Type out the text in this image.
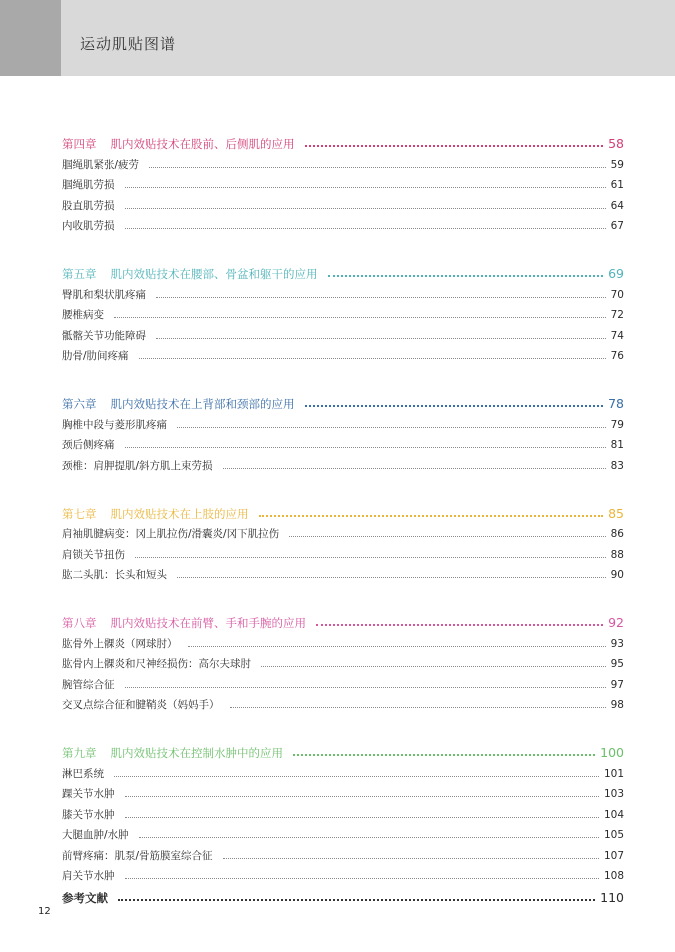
运动肌贴图谱
第四章 肌内效贴技术在股前、后侧肌的应用	58
腘绳肌紧张/疲劳	59
腘绳肌劳损	61
股直肌劳损	64
内收肌劳损	67
第五章 肌内效贴技术在腰部、骨盆和躯干的应用	69
臀肌和梨状肌疼痛	70
腰椎病变	72
骶髂关节功能障碍	74
肋骨/肋间疼痛	76
第六章 肌内效贴技术在上背部和颈部的应用	78
胸椎中段与菱形肌疼痛	79
颈后侧疼痛	81
颈椎：肩胛提肌/斜方肌上束劳损	83
第七章 肌内效贴技术在上肢的应用	85
肩袖肌腱病变：冈上肌拉伤/滑囊炎/冈下肌拉伤	86
肩锁关节扭伤	88
肱二头肌：长头和短头	90
第八章 肌内效贴技术在前臂、手和手腕的应用	92
肱骨外上髁炎（网球肘）	93
肱骨内上髁炎和尺神经损伤：高尔夫球肘	95
腕管综合征	97
交叉点综合征和腱鞘炎（妈妈手）	98
第九章 肌内效贴技术在控制水肿中的应用	100
淋巴系统	101
踝关节水肿	103
膝关节水肿	104
大腿血肿/水肿	105
前臂疼痛：肌泵/骨筋膜室综合征	107
肩关节水肿	108
参考文献	110
12
